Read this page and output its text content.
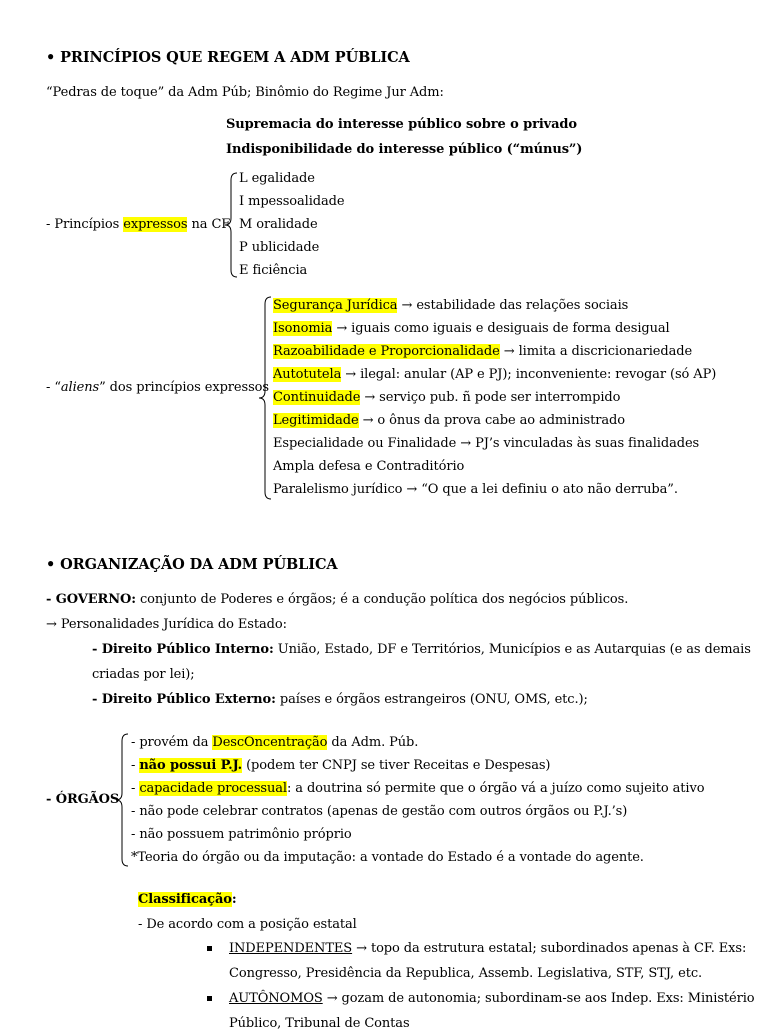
• PRINCÍPIOS QUE REGEM A ADM PÚBLICA
“Pedras de toque” da Adm Púb; Binômio do Regime Jur Adm:
Supremacia do interesse público sobre o privado
Indisponibilidade do interesse público (“múnus”)
- Princípios expressos na CF
L egalidade
I mpessoalidade
M oralidade
P ublicidade
E ficiência
- “aliens” dos princípios expressos
Segurança Jurídica → estabilidade das relações sociais
Isonomia → iguais como iguais e desiguais de forma desigual
Razoabilidade e Proporcionalidade → limita a discricionariedade
Autotutela → ilegal: anular (AP e PJ); inconveniente: revogar (só AP)
Continuidade → serviço pub. ñ pode ser interrompido
Legitimidade → o ônus da prova cabe ao administrado
Especialidade ou Finalidade → PJ’s vinculadas às suas finalidades
Ampla defesa e Contraditório
Paralelismo jurídico → “O que a lei definiu o ato não derruba”.
• ORGANIZAÇÃO DA ADM PÚBLICA
- GOVERNO: conjunto de Poderes e órgãos; é a condução política dos negócios públicos.
→ Personalidades Jurídica do Estado:
- Direito Público Interno: União, Estado, DF e Territórios, Municípios e as Autarquias (e as demais
criadas por lei);
- Direito Público Externo: países e órgãos estrangeiros (ONU, OMS, etc.);
- ÓRGÃOS
- provém da DescOncentração da Adm. Púb.
- não possui P.J. (podem ter CNPJ se tiver Receitas e Despesas)
- capacidade processual: a doutrina só permite que o órgão vá a juízo como sujeito ativo
- não pode celebrar contratos (apenas de gestão com outros órgãos ou P.J.’s)
- não possuem patrimônio próprio
*Teoria do órgão ou da imputação: a vontade do Estado é a vontade do agente.
Classificação:
- De acordo com a posição estatal
INDEPENDENTES → topo da estrutura estatal; subordinados apenas à CF. Exs:
Congresso, Presidência da Republica, Assemb. Legislativa, STF, STJ, etc.
AUTÔNOMOS → gozam de autonomia; subordinam-se aos Indep. Exs: Ministério
Público, Tribunal de Contas
